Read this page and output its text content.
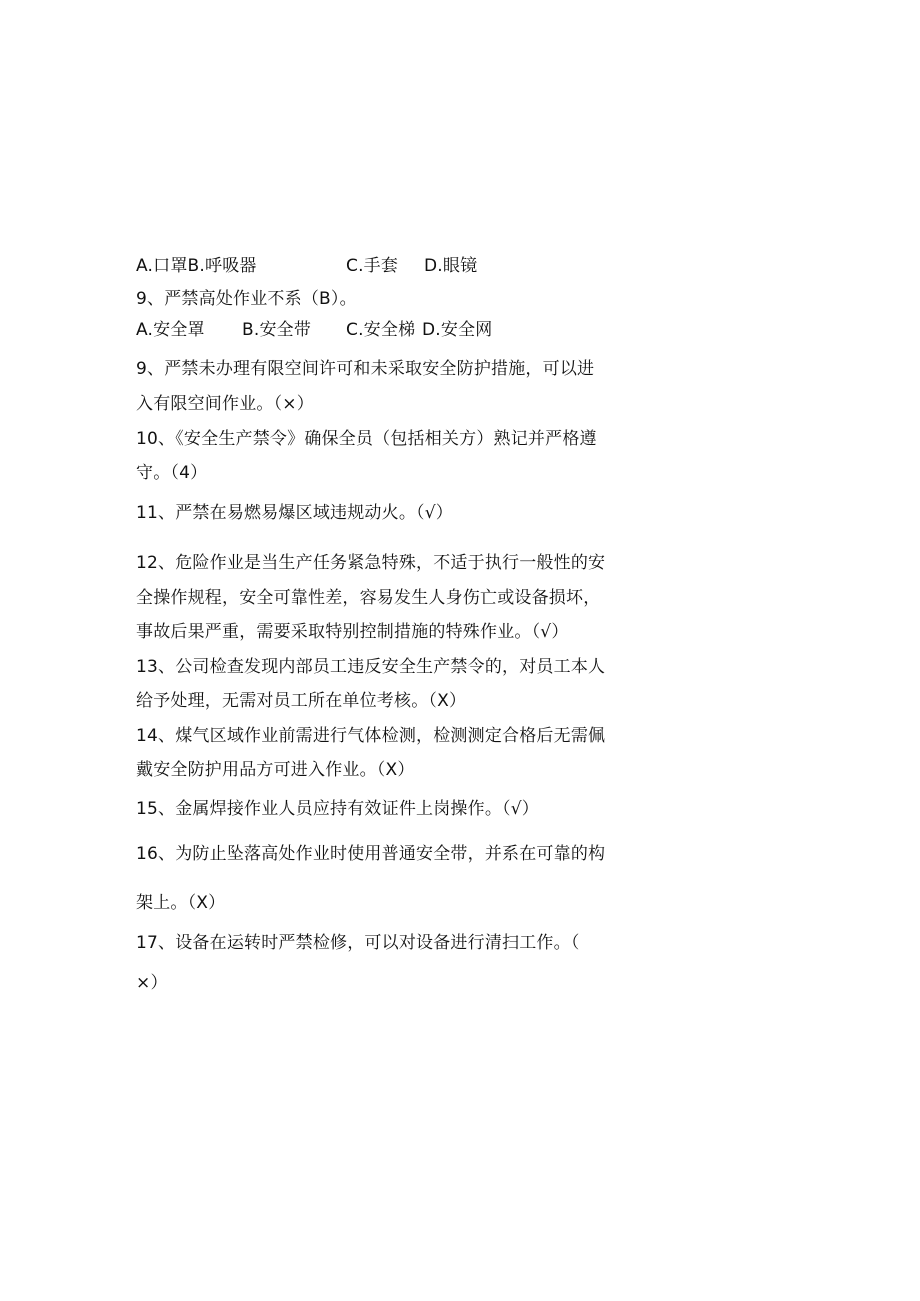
A.口罩B.呼吸器	C.手套 D.眼镜
9、严禁高处作业不系（B）。
A.安全罩 B.安全带 C.安全梯 D.安全网
9、严禁未办理有限空间许可和未采取安全防护措施，可以进
入有限空间作业。（×）
10、《安全生产禁令》确保全员（包括相关方）熟记并严格遵
守。（4）
11、严禁在易燃易爆区域违规动火。（√）
12、危险作业是当生产任务紧急特殊，不适于执行一般性的安
全操作规程，安全可靠性差，容易发生人身伤亡或设备损坏，
事故后果严重，需要采取特别控制措施的特殊作业。（√）
13、公司检查发现内部员工违反安全生产禁令的，对员工本人
给予处理，无需对员工所在单位考核。（X）
14、煤气区域作业前需进行气体检测，检测测定合格后无需佩
戴安全防护用品方可进入作业。（X）
15、金属焊接作业人员应持有效证件上岗操作。（√）
16、为防止坠落高处作业时使用普通安全带，并系在可靠的构
架上。（X）
17、设备在运转时严禁检修，可以对设备进行清扫工作。（
×）
